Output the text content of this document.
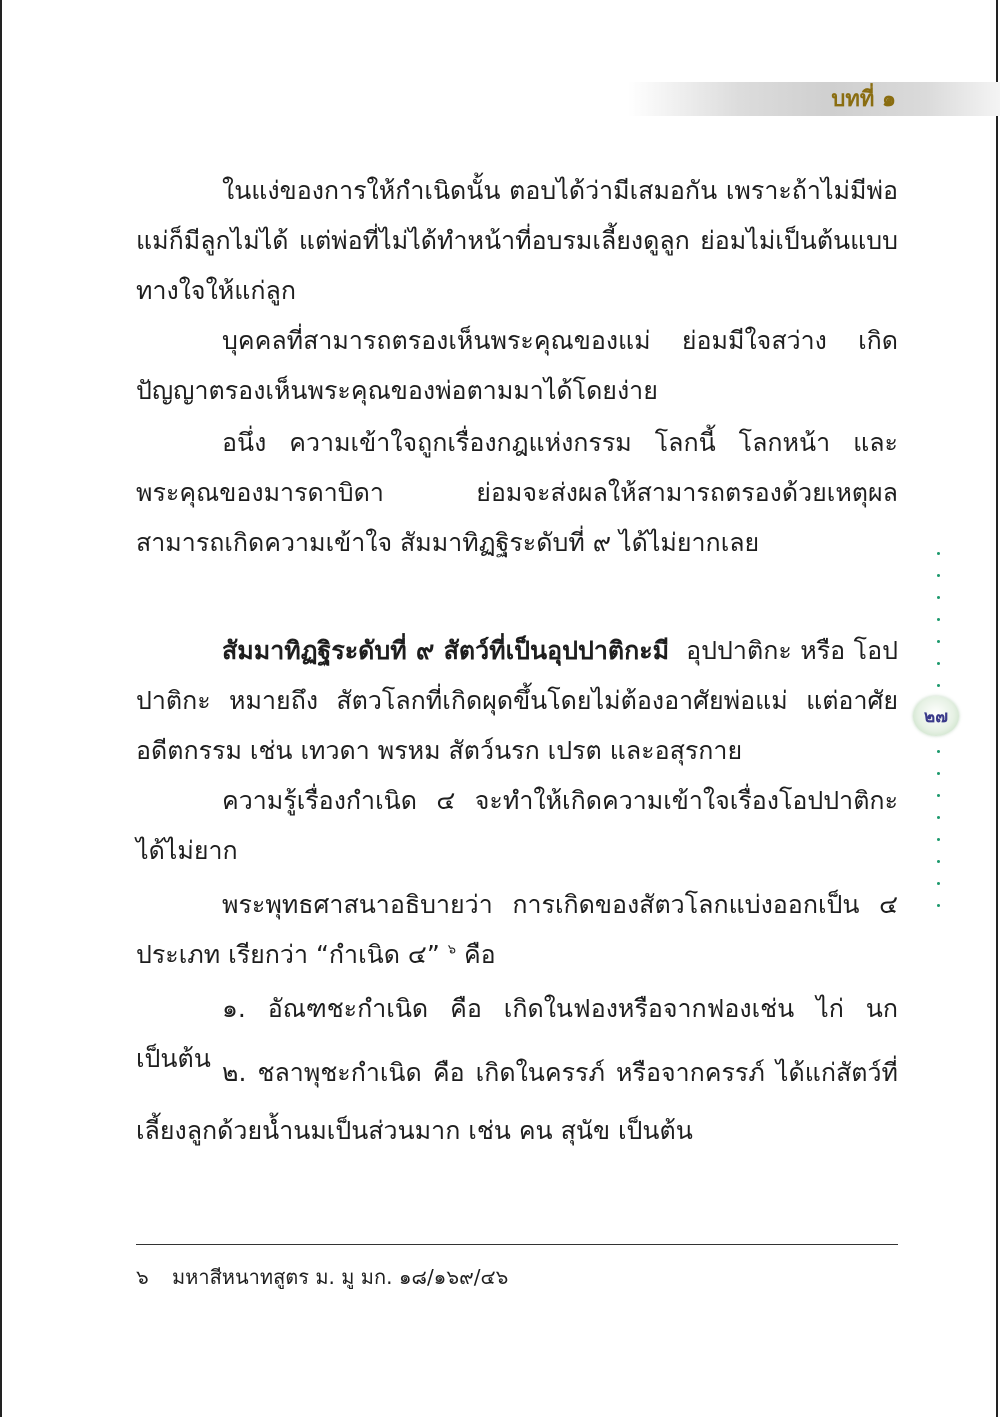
บทที่ ๑

ในแง่ของการให้กำเนิดนั้น ตอบได้ว่ามีเสมอกัน เพราะถ้าไม่มีพ่อแม่ก็มีลูกไม่ได้ แต่พ่อที่ไม่ได้ทำหน้าที่อบรมเลี้ยงดูลูก ย่อมไม่เป็นต้นแบบทางใจให้แก่ลูก

บุคคลที่สามารถตรองเห็นพระคุณของแม่ ย่อมมีใจสว่าง เกิดปัญญาตรองเห็นพระคุณของพ่อตามมาได้โดยง่าย

อนึ่ง ความเข้าใจถูกเรื่องกฎแห่งกรรม โลกนี้ โลกหน้า และพระคุณของมารดาบิดา ย่อมจะส่งผลให้สามารถตรองด้วยเหตุผล สามารถเกิดความเข้าใจ สัมมาทิฏฐิระดับที่ ๙ ได้ไม่ยากเลย

สัมมาทิฏฐิระดับที่ ๙ สัตว์ที่เป็นอุปปาติกะมี อุปปาติกะ หรือ โอปปาติกะ หมายถึง สัตวโลกที่เกิดผุดขึ้นโดยไม่ต้องอาศัยพ่อแม่ แต่อาศัยอดีตกรรม เช่น เทวดา พรหม สัตว์นรก เปรต และอสุรกาย

ความรู้เรื่องกำเนิด ๔ จะทำให้เกิดความเข้าใจเรื่องโอปปาติกะได้ไม่ยาก

พระพุทธศาสนาอธิบายว่า การเกิดของสัตวโลกแบ่งออกเป็น ๔ ประเภท เรียกว่า “กำเนิด ๔” $^๖$ คือ

๑. อัณฑชะกำเนิด คือ เกิดในฟองหรือจากฟองเช่น ไก่ นก เป็นต้น ๒. ชลาพุชะกำเนิด คือ เกิดในครรภ์ หรือจากครรภ์ ได้แก่สัตว์ที่เลี้ยงลูกด้วยน้ำนมเป็นส่วนมาก เช่น คน สุนัข เป็นต้น

๖ มหาสีหนาทสูตร ม. มู มก. ๑๘/๑๖๙/๔๖
๒๗
